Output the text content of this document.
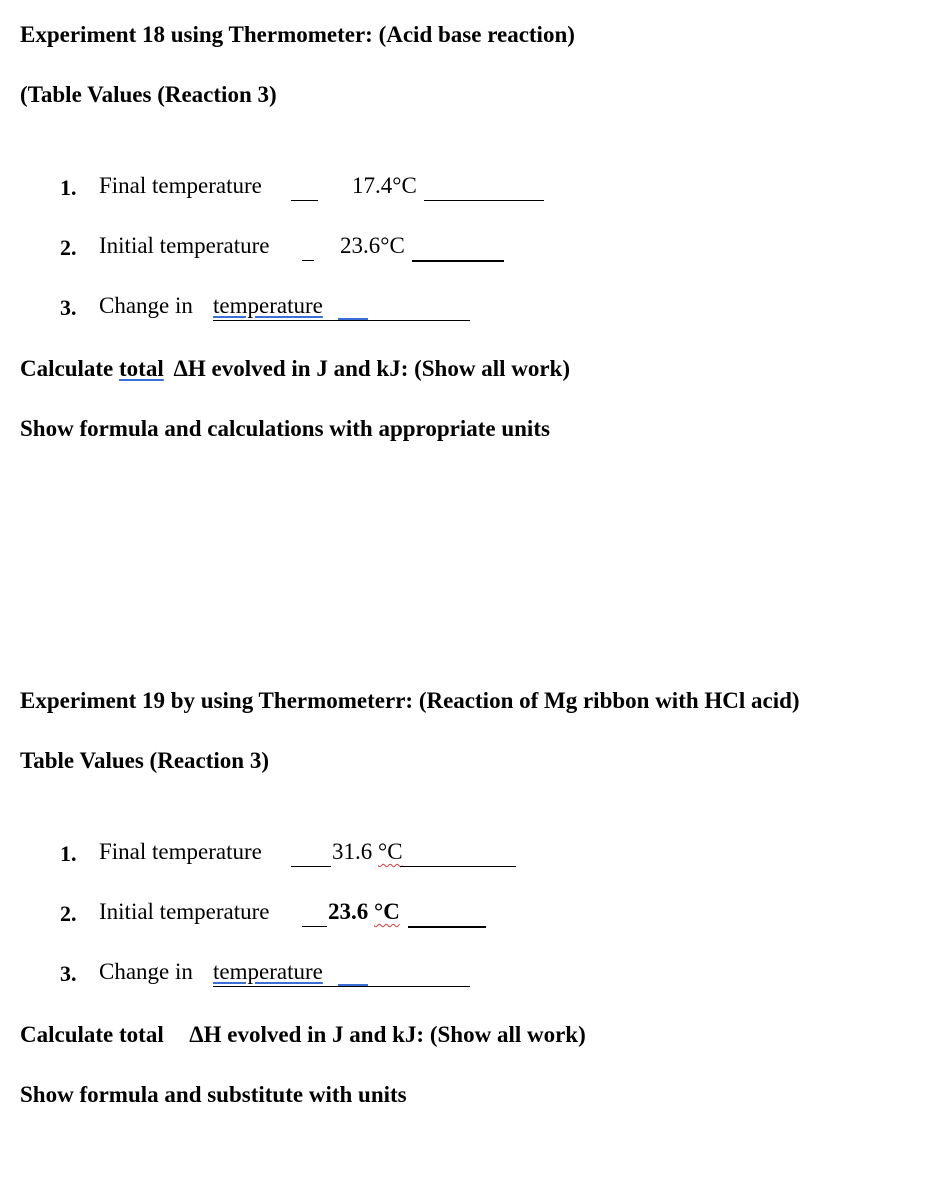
Experiment 18 using Thermometer: (Acid base reaction)
(Table Values (Reaction 3)
1. Final temperature	17.4°C
2. Initial temperature	23.6°C
3. Change in temperature
Calculate total ΔH evolved in J and kJ: (Show all work)
Show formula and calculations with appropriate units
Experiment 19 by using Thermometerr: (Reaction of Mg ribbon with HCl acid)
Table Values (Reaction 3)
1. Final temperature	31.6 °C
2. Initial temperature	23.6 °C
3. Change in temperature
Calculate total ΔH evolved in J and kJ: (Show all work)
Show formula and substitute with units
